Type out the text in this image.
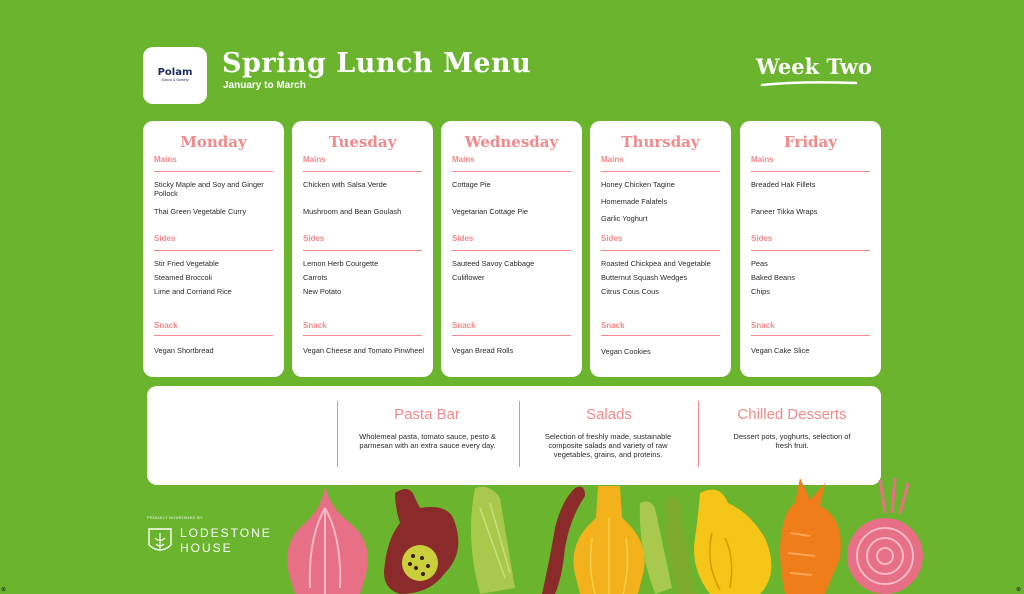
Polam
School & Nursery
Spring Lunch Menu
January to March
Week Two
Monday
Mains
Sticky Maple and Soy and Ginger Pollock
Thai Green Vegetable Curry
Sides
Stir Fried Vegetable
Steamed Broccoli
Lime and Corriand Rice
Snack
Vegan Shortbread
Tuesday
Mains
Chicken with Salsa Verde
Mushroom and Bean Goulash
Sides
Lemon Herb Courgette
Carrots
New Potato
Snack
Vegan Cheese and Tomato Pinwheel
Wednesday
Mains
Cottage Pie
Vegetarian Cottage Pie
Sides
Sauteed Savoy Cabbage
Culiflower
Snack
Vegan Bread Rolls
Thursday
Mains
Honey Chicken Tagine
Homemade Falafels
Garlic Yoghurt
Sides
Roasted Chickpea and Vegetable
Butternut Squash Wedges
Citrus Cous Cous
Snack
Vegan Cookies
Friday
Mains
Breaded Hak Fillets
Paneer Tikka Wraps
Sides
Peas
Baked Beans
Chips
Snack
Vegan Cake Slice
Pasta Bar
Wholemeal pasta, tomato sauce, pesto & parmesan with an extra sauce every day.
Salads
Selection of freshly made, sustainable composite salads and variety of raw vegetables, grains, and proteins.
Chilled Desserts
Dessert pots, yoghurts, selection of fresh fruit.
PROUDLY NOURISHED BY
LODESTONE
HOUSE
⊕	⊕
